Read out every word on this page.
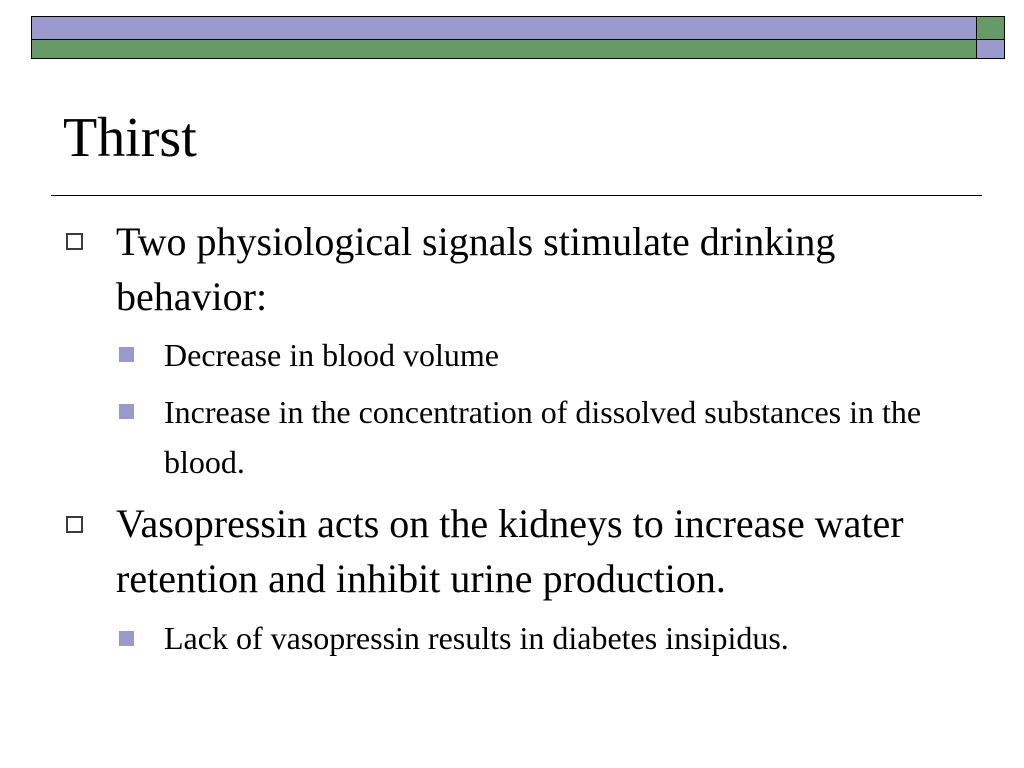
Thirst
Two physiological signals stimulate drinking behavior:
Decrease in blood volume
Increase in the concentration of dissolved substances in the blood.
Vasopressin acts on the kidneys to increase water retention and inhibit urine production.
Lack of vasopressin results in diabetes insipidus.
